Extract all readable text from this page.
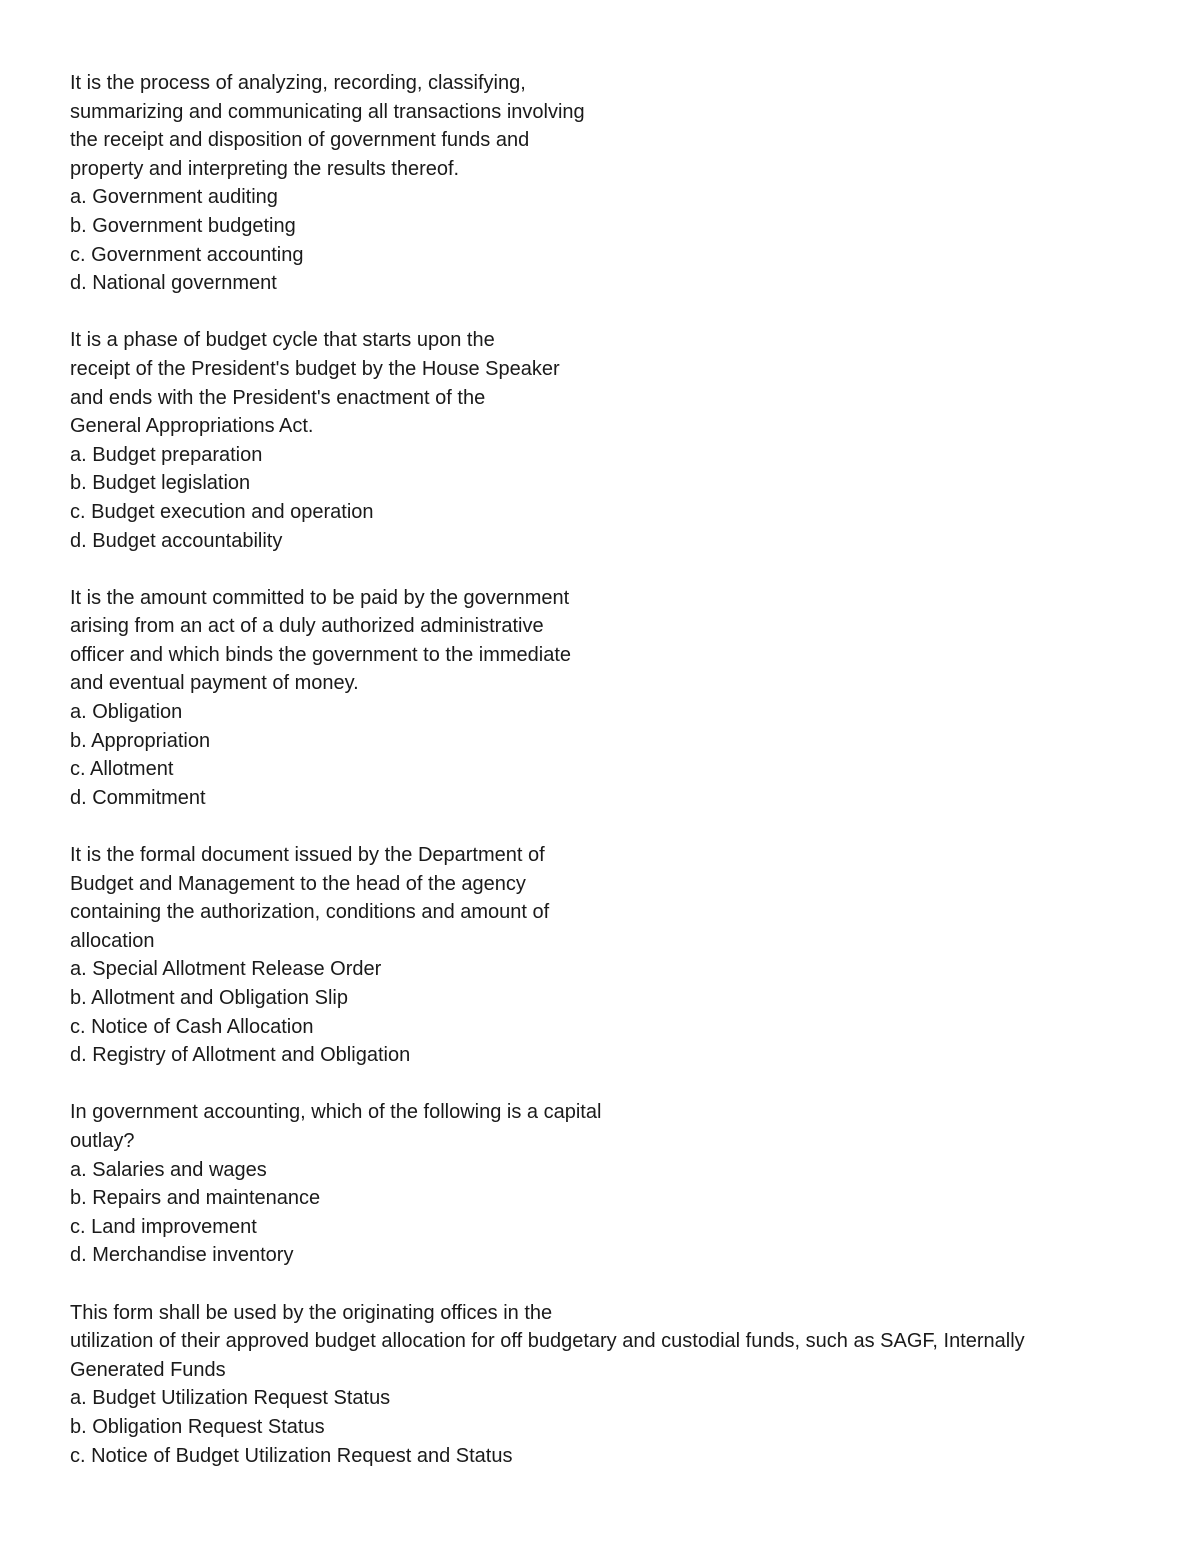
It is the process of analyzing, recording, classifying,
summarizing and communicating all transactions involving
the receipt and disposition of government funds and
property and interpreting the results thereof.
a. Government auditing
b. Government budgeting
c. Government accounting
d. National government
It is a phase of budget cycle that starts upon the
receipt of the President's budget by the House Speaker
and ends with the President's enactment of the
General Appropriations Act.
a. Budget preparation
b. Budget legislation
c. Budget execution and operation
d. Budget accountability
It is the amount committed to be paid by the government
arising from an act of a duly authorized administrative
officer and which binds the government to the immediate
and eventual payment of money.
a. Obligation
b. Appropriation
c. Allotment
d. Commitment
It is the formal document issued by the Department of
Budget and Management to the head of the agency
containing the authorization, conditions and amount of
allocation
a. Special Allotment Release Order
b. Allotment and Obligation Slip
c. Notice of Cash Allocation
d. Registry of Allotment and Obligation
In government accounting, which of the following is a capital
outlay?
a. Salaries and wages
b. Repairs and maintenance
c. Land improvement
d. Merchandise inventory
This form shall be used by the originating offices in the
utilization of their approved budget allocation for off budgetary and custodial funds, such as SAGF, Internally
Generated Funds
a. Budget Utilization Request Status
b. Obligation Request Status
c. Notice of Budget Utilization Request and Status
